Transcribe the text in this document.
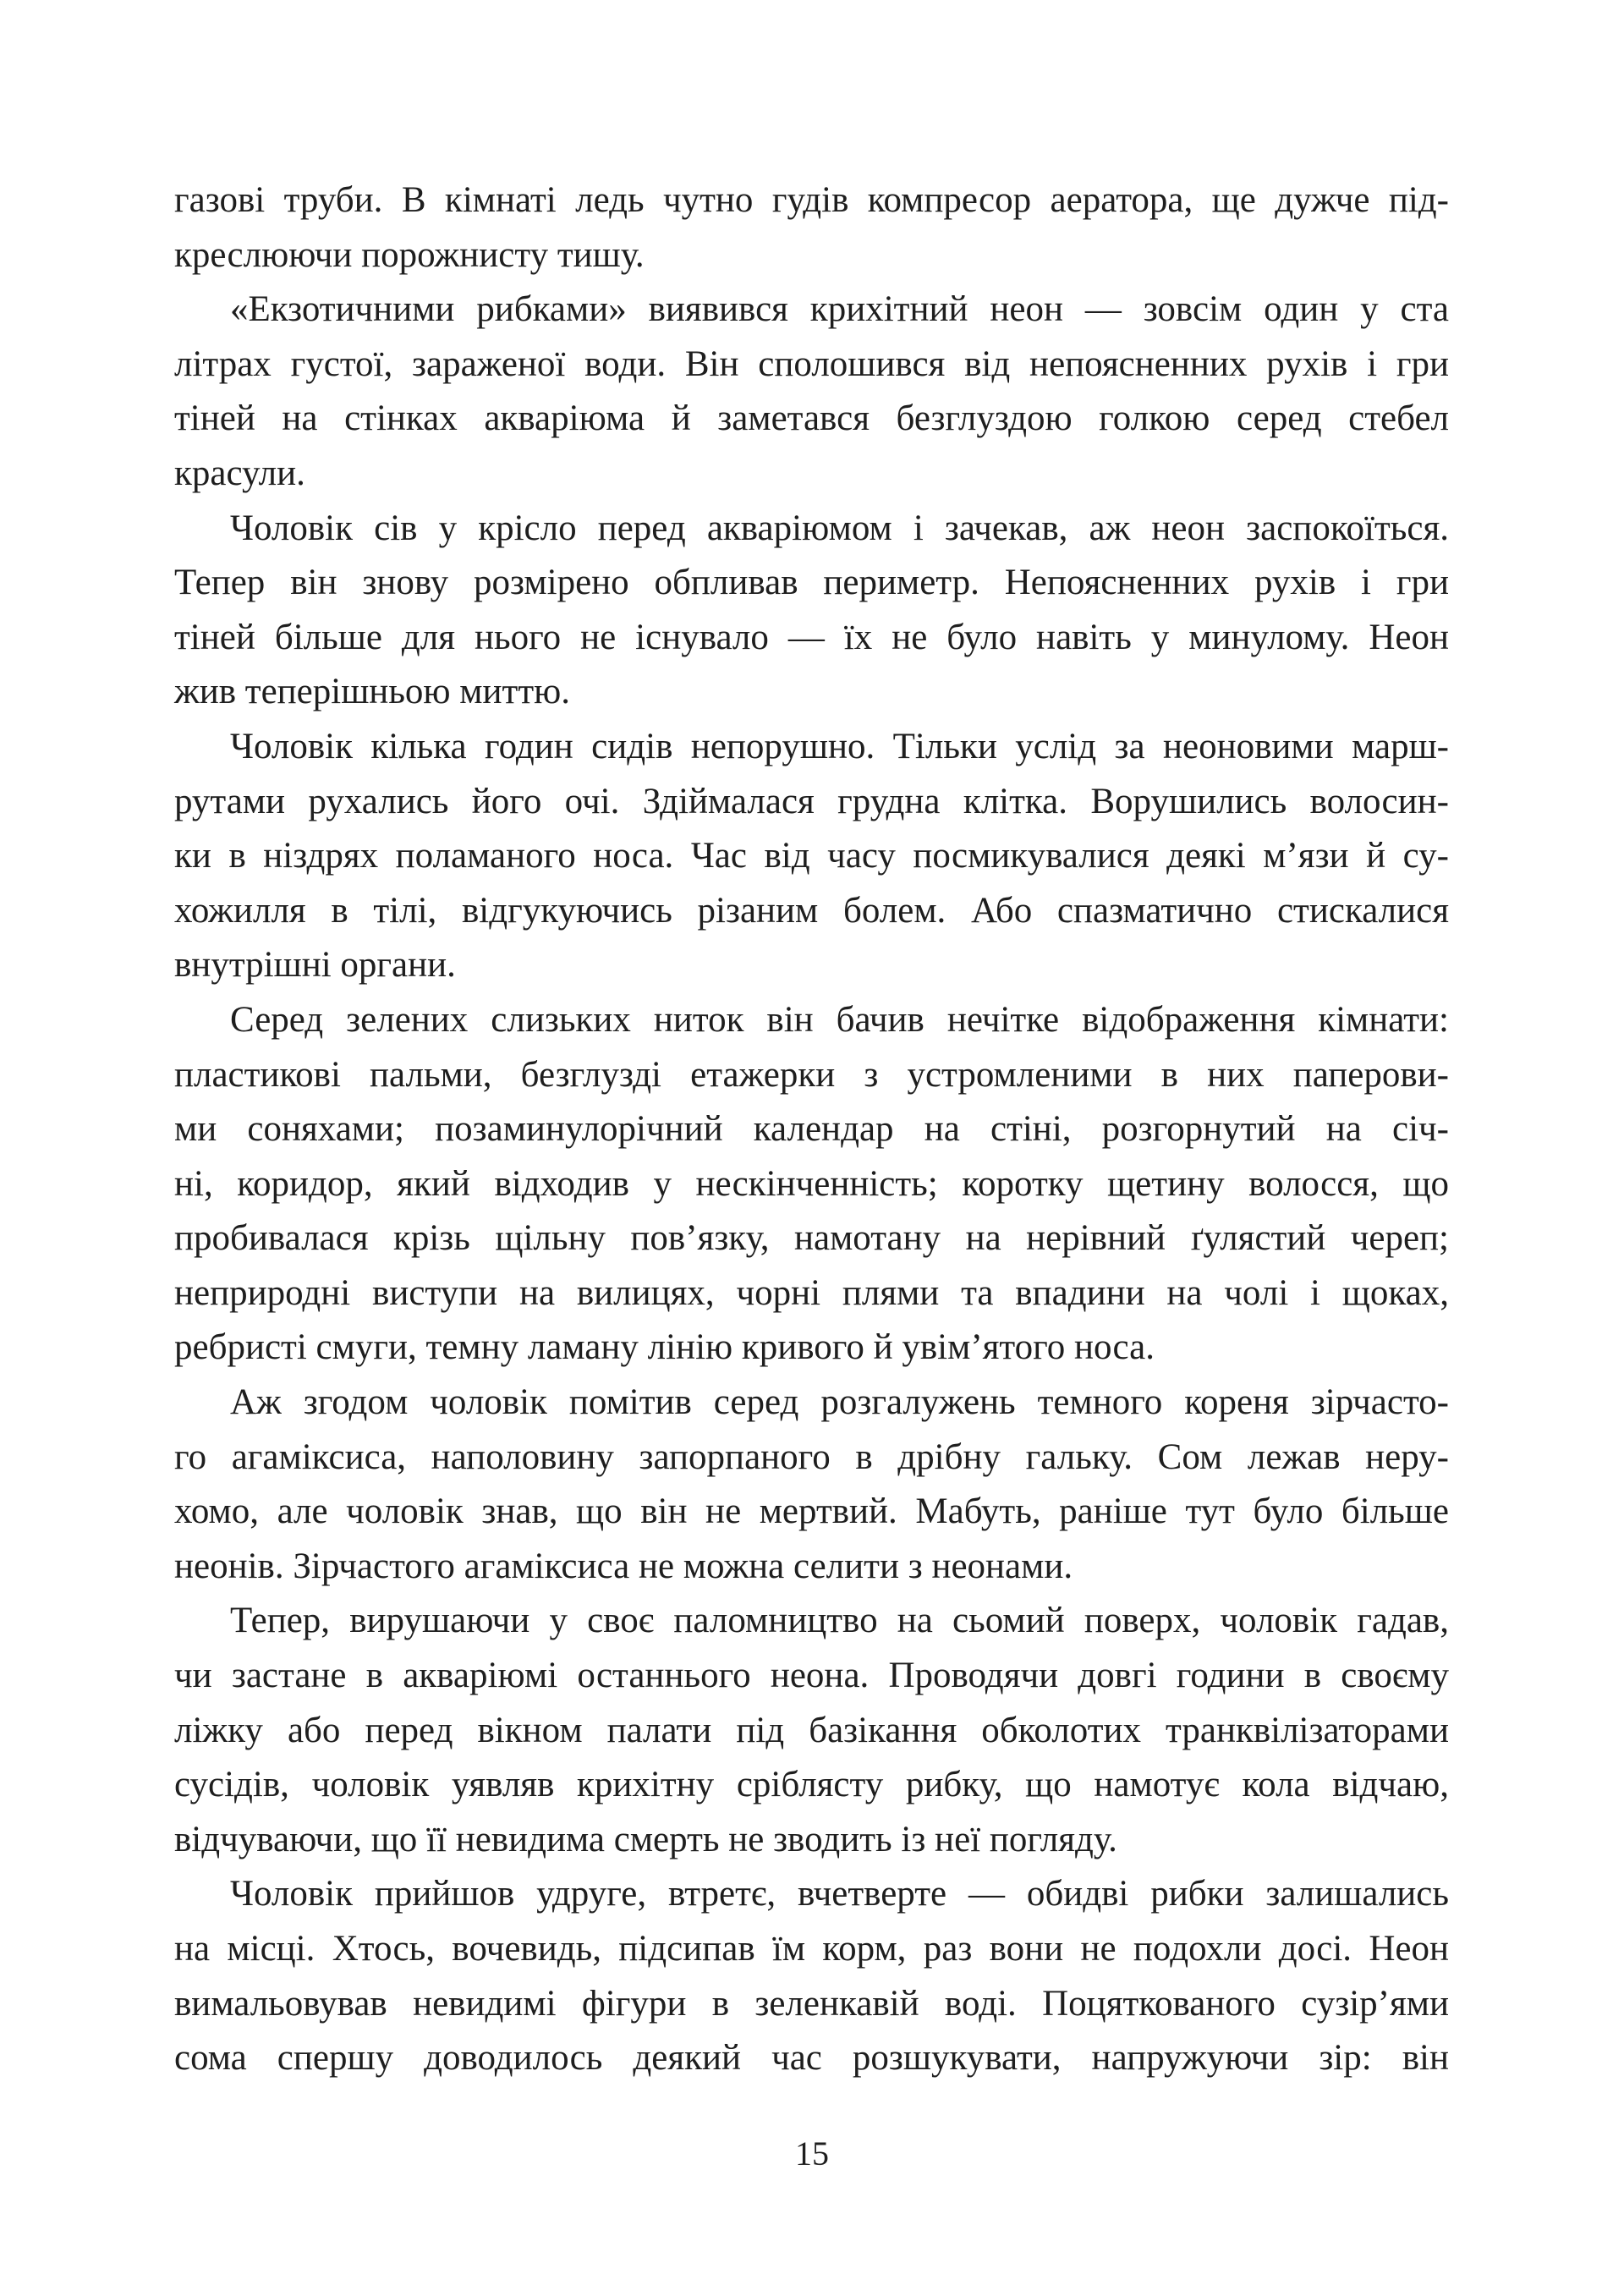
газові труби. В кімнаті ледь чутно гудів компресор аератора, ще дужче під-
креслюючи порожнисту тишу.
«Екзотичними рибками» виявився крихітний неон — зовсім один у ста
літрах густої, зараженої води. Він сполошився від непоясненних рухів і гри
тіней на стінках акваріюма й заметався безглуздою голкою серед стебел
красули.
Чоловік сів у крісло перед акваріюмом і зачекав, аж неон заспокоїться.
Тепер він знову розмірено обпливав периметр. Непоясненних рухів і гри
тіней більше для нього не існувало — їх не було навіть у минулому. Неон
жив теперішньою миттю.
Чоловік кілька годин сидів непорушно. Тільки услід за неоновими марш-
рутами рухались його очі. Здіймалася грудна клітка. Ворушились волосин-
ки в ніздрях поламаного носа. Час від часу посмикувалися деякі м’язи й су-
хожилля в тілі, відгукуючись різаним болем. Або спазматично стискалися
внутрішні органи.
Серед зелених слизьких ниток він бачив нечітке відображення кімнати:
пластикові пальми, безглузді етажерки з устромленими в них паперови-
ми соняхами; позаминулорічний календар на стіні, розгорнутий на січ-
ні, коридор, який відходив у нескінченність; коротку щетину волосся, що
пробивалася крізь щільну пов’язку, намотану на нерівний ґулястий череп;
неприродні виступи на вилицях, чорні плями та впадини на чолі і щоках,
ребристі смуги, темну ламану лінію кривого й увім’ятого носа.
Аж згодом чоловік помітив серед розгалужень темного кореня зірчасто-
го агаміксиса, наполовину запорпаного в дрібну гальку. Сом лежав неру-
хомо, але чоловік знав, що він не мертвий. Мабуть, раніше тут було більше
неонів. Зірчастого агаміксиса не можна селити з неонами.
Тепер, вирушаючи у своє паломництво на сьомий поверх, чоловік гадав,
чи застане в акваріюмі останнього неона. Проводячи довгі години в своєму
ліжку або перед вікном палати під базікання обколотих транквілізаторами
сусідів, чоловік уявляв крихітну сріблясту рибку, що намотує кола відчаю,
відчуваючи, що її невидима смерть не зводить із неї погляду.
Чоловік прийшов удруге, втретє, вчетверте — обидві рибки залишались
на місці. Хтось, вочевидь, підсипав їм корм, раз вони не подохли досі. Неон
вимальовував невидимі фігури в зеленкавій воді. Поцяткованого сузір’ями
сома спершу доводилось деякий час розшукувати, напружуючи зір: він
15
